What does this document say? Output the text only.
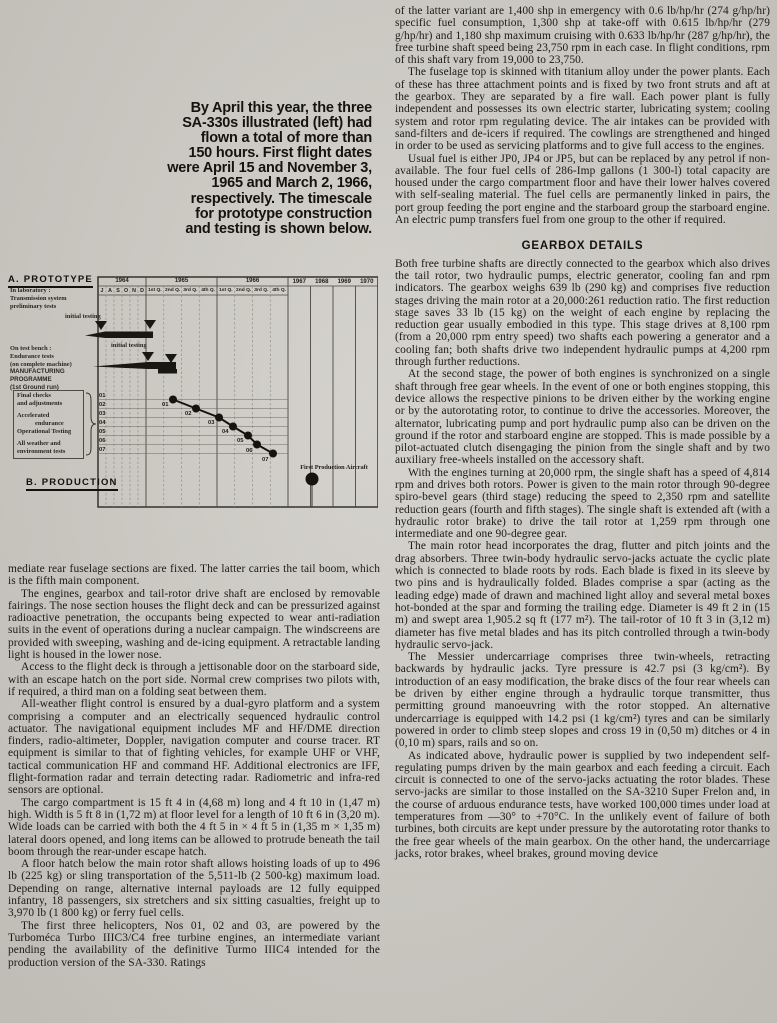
By April this year, the three
SA-330s illustrated (left) had
flown a total of more than
150 hours. First flight dates
were April 15 and November 3,
1965 and March 2, 1966,
respectively. The timescale
for prototype construction
and testing is shown below.
A. PROTOTYPE
B. PRODUCTION
1964	1965	1966	1967	1968	1969	1970
J A S O N D 1st Q. 2nd Q. 3rd Q. 4th Q. 1st Q. 2nd Q. 3rd Q. 4th Q.
In laboratory :
Transmission system
preliminary tests
initial testing
On test bench :
Endurance tests
(on complete machine)
initial testing
MANUFACTURING
PROGRAMME
(1st Ground run)
Final checks
and adjustments
Accelerated
endurance
Operational Testing
All weather and
environment tests
01
02
03
04
05
06
07
01
02
03
04
05
06
07
First Production Aircraft

mediate rear fuselage sections are fixed. The latter carries the tail boom, which is the fifth main component.

The engines, gearbox and tail-rotor drive shaft are enclosed by removable fairings. The nose section houses the flight deck and can be pressurized against radioactive penetration, the occupants being expected to wear anti-radiation suits in the event of operations during a nuclear campaign. The windscreens are provided with sweeping, washing and de-icing equipment. A retractable landing light is housed in the lower nose.

Access to the flight deck is through a jettisonable door on the starboard side, with an escape hatch on the port side. Normal crew comprises two pilots with, if required, a third man on a folding seat between them.

All-weather flight control is ensured by a dual-gyro platform and a system comprising a computer and an electrically sequenced hydraulic control actuator. The navigational equipment includes MF and HF/DME direction finders, radio-altimeter, Doppler, navigation computer and course tracer. RT equipment is similar to that of fighting vehicles, for example UHF or VHF, tactical communication HF and command HF. Additional electronics are IFF, flight-formation radar and terrain detecting radar. Radiometric and infra-red sensors are optional.

The cargo compartment is 15 ft 4 in (4,68 m) long and 4 ft 10 in (1,47 m) high. Width is 5 ft 8 in (1,72 m) at floor level for a length of 10 ft 6 in (3,20 m). Wide loads can be carried with both the 4 ft 5 in × 4 ft 5 in (1,35 m × 1,35 m) lateral doors opened, and long items can be allowed to protrude beneath the tail boom through the rear-under escape hatch.

A floor hatch below the main rotor shaft allows hoisting loads of up to 496 lb (225 kg) or sling transportation of the 5,511-lb (2 500-kg) maximum load. Depending on range, alternative internal payloads are 12 fully equipped infantry, 18 passengers, six stretchers and six sitting casualties, freight up to 3,970 lb (1 800 kg) or ferry fuel cells.

The first three helicopters, Nos 01, 02 and 03, are powered by the Turboméca Turbo IIIC3/C4 free turbine engines, an intermediate variant pending the availability of the definitive Turmo IIIC4 intended for the production version of the SA-330. Ratings

of the latter variant are 1,400 shp in emergency with 0.6 lb/hp/hr (274 g/hp/hr) specific fuel consumption, 1,300 shp at take-off with 0.615 lb/hp/hr (279 g/hp/hr) and 1,180 shp maximum cruising with 0.633 lb/hp/hr (287 g/hp/hr), the free turbine shaft speed being 23,750 rpm in each case. In flight conditions, rpm of this shaft vary from 19,000 to 23,750.

The fuselage top is skinned with titanium alloy under the power plants. Each of these has three attachment points and is fixed by two front struts and aft at the gearbox. They are separated by a fire wall. Each power plant is fully independent and possesses its own electric starter, lubricating system; cooling system and rotor rpm regulating device. The air intakes can be provided with sand-filters and de-icers if required. The cowlings are strengthened and hinged in order to be used as servicing platforms and to give full access to the engines.

Usual fuel is either JP0, JP4 or JP5, but can be replaced by any petrol if non-available. The four fuel cells of 286-Imp gallons (1 300-l) total capacity are housed under the cargo compartment floor and have their lower halves covered with self-sealing material. The fuel cells are permanently linked in pairs, the port group feeding the port engine and the starboard group the starboard engine. An electric pump transfers fuel from one group to the other if required.

GEARBOX DETAILS

Both free turbine shafts are directly connected to the gearbox which also drives the tail rotor, two hydraulic pumps, electric generator, cooling fan and rpm indicators. The gearbox weighs 639 lb (290 kg) and comprises five reduction stages driving the main rotor at a 20,000:261 reduction ratio. The first reduction stage saves 33 lb (15 kg) on the weight of each engine by replacing the reduction gear usually embodied in this type. This stage drives at 8,100 rpm (from a 20,000 rpm entry speed) two shafts each powering a generator and a cooling fan; both shafts drive two independent hydraulic pumps at 4,200 rpm through further reductions.

At the second stage, the power of both engines is synchronized on a single shaft through free gear wheels. In the event of one or both engines stopping, this device allows the respective pinions to be driven either by the working engine or by the autorotating rotor, to continue to drive the accessories. Moreover, the alternator, lubricating pump and port hydraulic pump also can be driven on the ground if the rotor and starboard engine are stopped. This is made possible by a pilot-actuated clutch disengaging the pinion from the single shaft and by two auxiliary free-wheels installed on the accessory shaft.

With the engines turning at 20,000 rpm, the single shaft has a speed of 4,814 rpm and drives both rotors. Power is given to the main rotor through 90-degree spiro-bevel gears (third stage) reducing the speed to 2,350 rpm and satellite reduction gears (fourth and fifth stages). The single shaft is extended aft (with a hydraulic rotor brake) to drive the tail rotor at 1,259 rpm through one intermediate and one 90-degree gear.

The main rotor head incorporates the drag, flutter and pitch joints and the drag absorbers. Three twin-body hydraulic servo-jacks actuate the cyclic plate which is connected to blade roots by rods. Each blade is fixed in its sleeve by two pins and is hydraulically folded. Blades comprise a spar (acting as the leading edge) made of drawn and machined light alloy and several metal boxes hot-bonded at the spar and forming the trailing edge. Diameter is 49 ft 2 in (15 m) and swept area 1,905.2 sq ft (177 m²). The tail-rotor of 10 ft 3 in (3,12 m) diameter has five metal blades and has its pitch controlled through a twin-body hydraulic servo-jack.

The Messier undercarriage comprises three twin-wheels, retracting backwards by hydraulic jacks. Tyre pressure is 42.7 psi (3 kg/cm²). By introduction of an easy modification, the brake discs of the four rear wheels can be driven by either engine through a hydraulic torque transmitter, thus permitting ground manoeuvring with the rotor stopped. An alternative undercarriage is equipped with 14.2 psi (1 kg/cm²) tyres and can be similarly powered in order to climb steep slopes and cross 19 in (0,50 m) ditches or 4 in (0,10 m) spars, rails and so on.

As indicated above, hydraulic power is supplied by two independent self-regulating pumps driven by the main gearbox and each feeding a circuit. Each circuit is connected to one of the servo-jacks actuating the rotor blades. These servo-jacks are similar to those installed on the SA-3210 Super Frelon and, in the course of arduous endurance tests, have worked 100,000 times under load at temperatures from —30° to +70°C. In the unlikely event of failure of both turbines, both circuits are kept under pressure by the autorotating rotor thanks to the free gear wheels of the main gearbox. On the other hand, the undercarriage jacks, rotor brakes, wheel brakes, ground moving device
